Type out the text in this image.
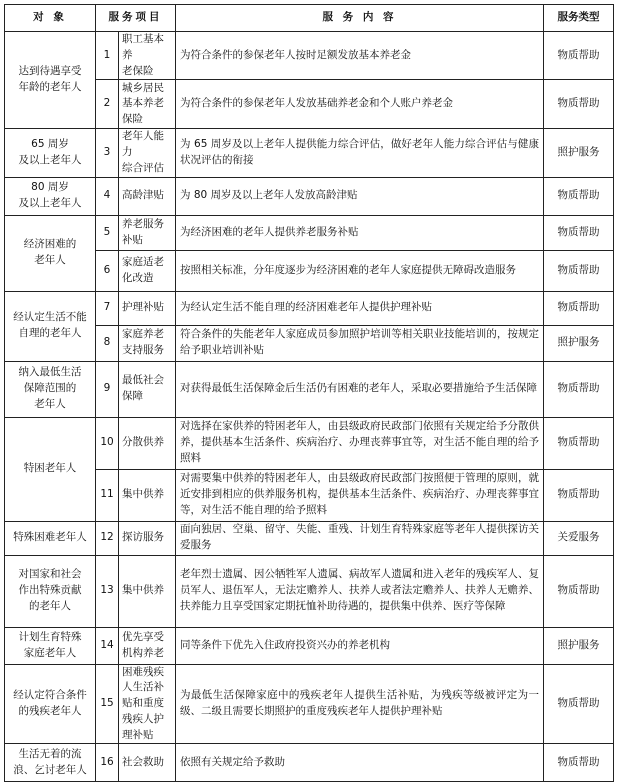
对 象	服务项目		服 务 内 容	服务类型

达到待遇享受
年龄的老年人	1	职工基本养
老保险	为符合条件的参保老年人按时足额发放基本养老金	物质帮助
	2	城乡居民
基本养老
保险	为符合条件的参保老年人发放基础养老金和个人账户养老金	物质帮助

65 周岁
及以上老年人	3	老年人能力
综合评估	为 65 周岁及以上老年人提供能力综合评估，做好老年人能力综合评估与健康状况评估的衔接	照护服务

80 周岁
及以上老年人	4	高龄津贴	为 80 周岁及以上老年人发放高龄津贴	物质帮助

经济困难的
老年人	5	养老服务
补贴	为经济困难的老年人提供养老服务补贴	物质帮助
	6	家庭适老
化改造	按照相关标准，分年度逐步为经济困难的老年人家庭提供无障碍改造服务	物质帮助

经认定生活不能
自理的老年人	7	护理补贴	为经认定生活不能自理的经济困难老年人提供护理补贴	物质帮助
	8	家庭养老
支持服务	符合条件的失能老年人家庭成员参加照护培训等相关职业技能培训的，按规定给予职业培训补贴	照护服务

纳入最低生活
保障范围的
老年人	9	最低社会
保障	对获得最低生活保障金后生活仍有困难的老年人，采取必要措施给予生活保障	物质帮助

特困老年人	10	分散供养	对选择在家供养的特困老年人，由县级政府民政部门依照有关规定给予分散供养，提供基本生活条件、疾病治疗、办理丧葬事宜等，对生活不能自理的给予照料	物质帮助
	11	集中供养	对需要集中供养的特困老年人，由县级政府民政部门按照便于管理的原则，就近安排到相应的供养服务机构，提供基本生活条件、疾病治疗、办理丧葬事宜等，对生活不能自理的给予照料	物质帮助

特殊困难老年人	12	探访服务	面向独居、空巢、留守、失能、重残、计划生育特殊家庭等老年人提供探访关爱服务	关爱服务

对国家和社会
作出特殊贡献
的老年人	13	集中供养	老年烈士遗属、因公牺牲军人遗属、病故军人遗属和进入老年的残疾军人、复员军人、退伍军人，无法定赡养人、扶养人或者法定赡养人、扶养人无赡养、扶养能力且享受国家定期抚恤补助待遇的，提供集中供养、医疗等保障	物质帮助

计划生育特殊
家庭老年人	14	优先享受
机构养老	同等条件下优先入住政府投资兴办的养老机构	照护服务

经认定符合条件
的残疾老年人	15	困难残疾
人生活补
贴和重度
残疾人护
理补贴	为最低生活保障家庭中的残疾老年人提供生活补贴，为残疾等级被评定为一级、二级且需要长期照护的重度残疾老年人提供护理补贴	物质帮助

生活无着的流
浪、乞讨老年人	16	社会救助	依照有关规定给予救助	物质帮助
